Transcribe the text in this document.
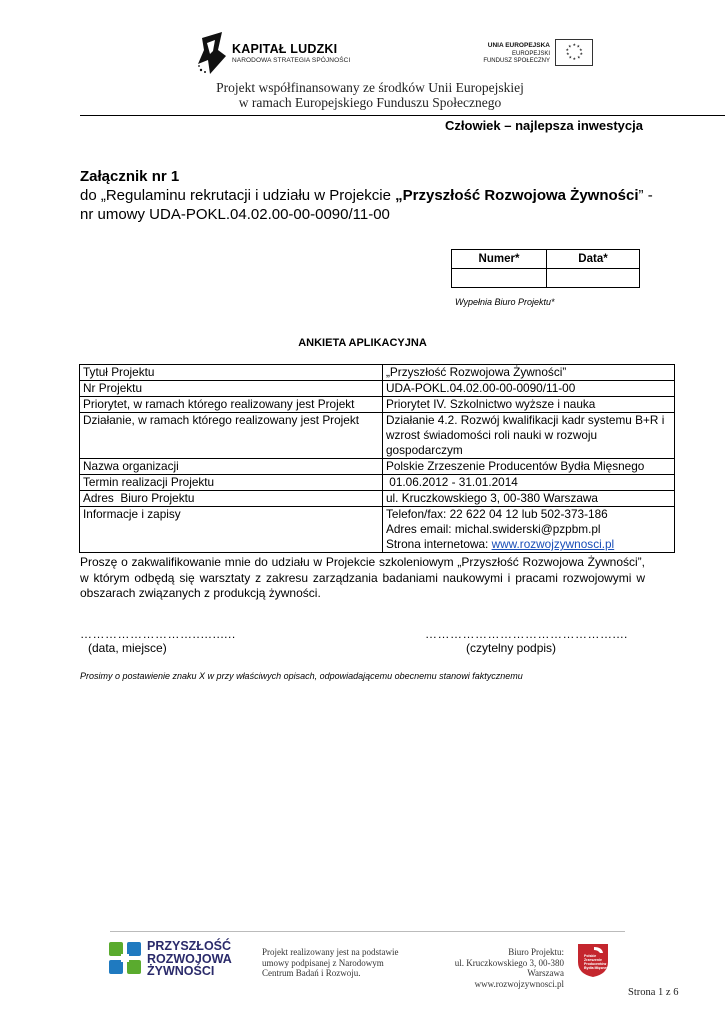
KAPITAŁ LUDZKI
NARODOWA STRATEGIA SPÓJNOŚCI
UNIA EUROPEJSKA
EUROPEJSKI
FUNDUSZ SPOŁECZNY
★ ★
★
★
★
★
★
★
★
★
Projekt współfinansowany ze środków Unii Europejskiej
w ramach Europejskiego Funduszu Społecznego
Człowiek – najlepsza inwestycja
Załącznik nr 1
do „Regulaminu rekrutacji i udziału w Projekcie „Przyszłość Rozwojowa Żywności” -
nr umowy UDA-POKL.04.02.00-00-0090/11-00
Numer*	Data*

Wypełnia Biuro Projektu*
ANKIETA APLIKACYJNA
Tytuł Projektu	„Przyszłość Rozwojowa Żywności”
Nr Projektu	UDA-POKL.04.02.00-00-0090/11-00
Priorytet, w ramach którego realizowany jest Projekt	Priorytet IV. Szkolnictwo wyższe i nauka
Działanie, w ramach którego realizowany jest Projekt	Działanie 4.2. Rozwój kwalifikacji kadr systemu B+R i wzrost świadomości roli nauki w rozwoju gospodarczym
Nazwa organizacji	Polskie Zrzeszenie Producentów Bydła Mięsnego
Termin realizacji Projektu	01.06.2012 - 31.01.2014
Adres  Biuro Projektu	ul. Kruczkowskiego 3, 00-380 Warszawa
Informacje i zapisy	Telefon/fax: 22 622 04 12 lub 502-373-186
Adres email: michal.swiderski@pzpbm.pl
Strona internetowa: www.rozwojzywnosci.pl
Proszę o zakwalifikowanie mnie do udziału w Projekcie szkoleniowym „Przyszłość Rozwojowa Żywności”, w którym odbędą się warsztaty z zakresu zarządzania badaniami naukowymi i pracami rozwojowymi w obszarach związanych z produkcją żywności.
………………………..…......	………………………………………....
(data, miejsce)	(czytelny podpis)
Prosimy o postawienie znaku X w przy właściwych opisach, odpowiadającemu obecnemu stanowi faktycznemu
PRZYSZŁOŚĆ
ROZWOJOWA
ŻYWNOŚCI
Projekt realizowany jest na podstawie
umowy podpisanej z Narodowym
Centrum Badań i Rozwoju.
Biuro Projektu:
ul. Kruczkowskiego 3, 00-380 Warszawa
www.rozwojzywnosci.pl
Polskie
Zrzeszenie
Producentów
Bydła Mięsnego
Strona 1 z 6
